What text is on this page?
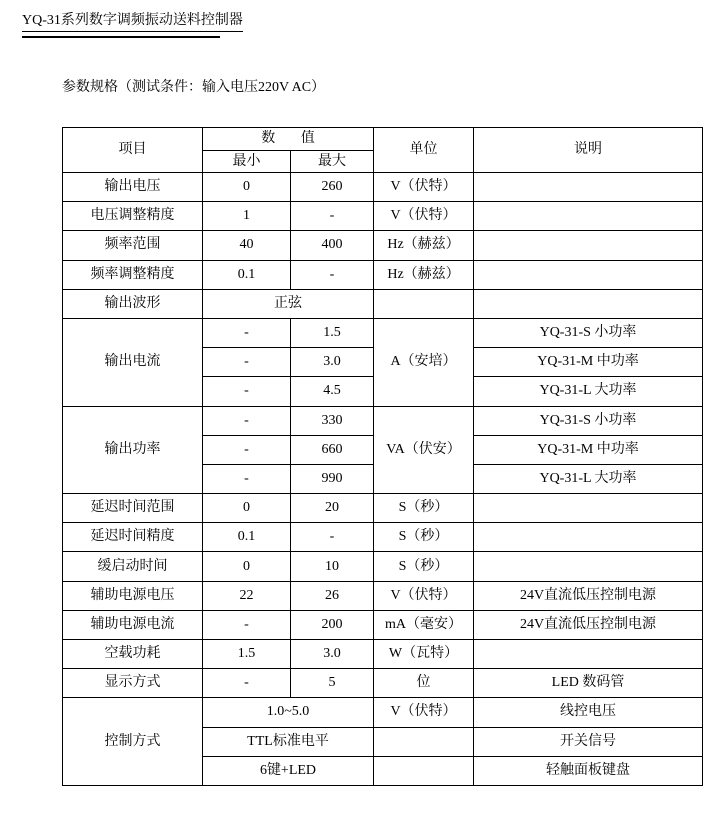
YQ-31系列数字调频振动送料控制器
参数规格（测试条件：输入电压220V AC）
项目	数 值		单位	说明
	最小	最大		
输出电压	0	260	V（伏特）	
电压调整精度	1	-	V（伏特）	
频率范围	40	400	Hz（赫兹）	
频率调整精度	0.1	-	Hz（赫兹）	
输出波形	正弦			
输出电流	-	1.5	A（安培）	YQ-31-S 小功率
	-	3.0		YQ-31-M 中功率
	-	4.5		YQ-31-L 大功率
输出功率	-	330	VA（伏安）	YQ-31-S 小功率
	-	660		YQ-31-M 中功率
	-	990		YQ-31-L 大功率
延迟时间范围	0	20	S（秒）	
延迟时间精度	0.1	-	S（秒）	
缓启动时间	0	10	S（秒）	
辅助电源电压	22	26	V（伏特）	24V直流低压控制电源
辅助电源电流	-	200	mA（毫安）	24V直流低压控制电源
空载功耗	1.5	3.0	W（瓦特）	
显示方式	-	5	位	LED 数码管
控制方式	1.0~5.0		V（伏特）	线控电压
	TTL标准电平			开关信号
	6键+LED			轻触面板键盘
